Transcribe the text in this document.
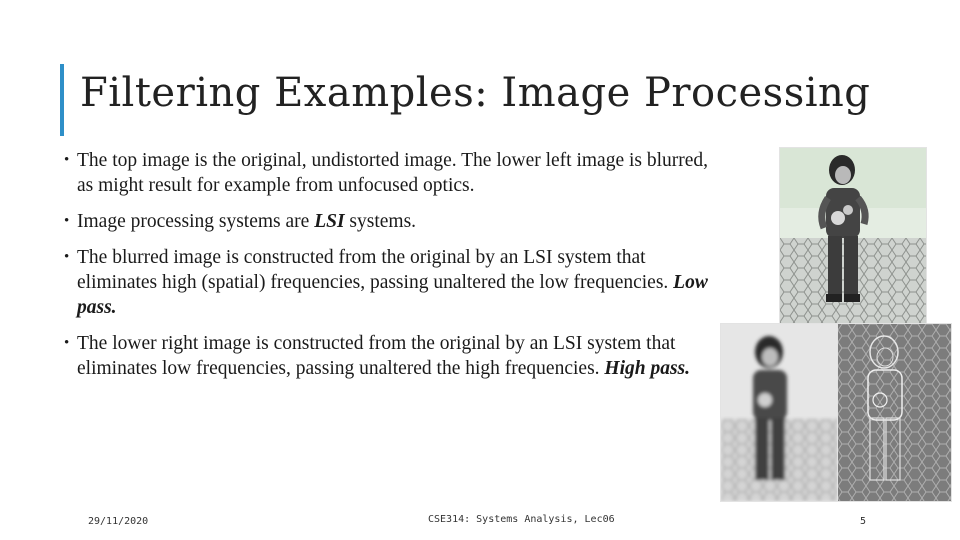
Filtering Examples: Image Processing
• The top image is the original, undistorted image. The lower left image is blurred, as might result for example from unfocused optics.
• Image processing systems are LSI systems.
• The blurred image is constructed from the original by an LSI system that eliminates high (spatial) frequencies, passing unaltered the low frequencies. Low pass.
• The lower right image is constructed from the original by an LSI system that eliminates low frequencies, passing unaltered the high frequencies. High pass.
29/11/2020	CSE314: Systems Analysis, Lec06	5
